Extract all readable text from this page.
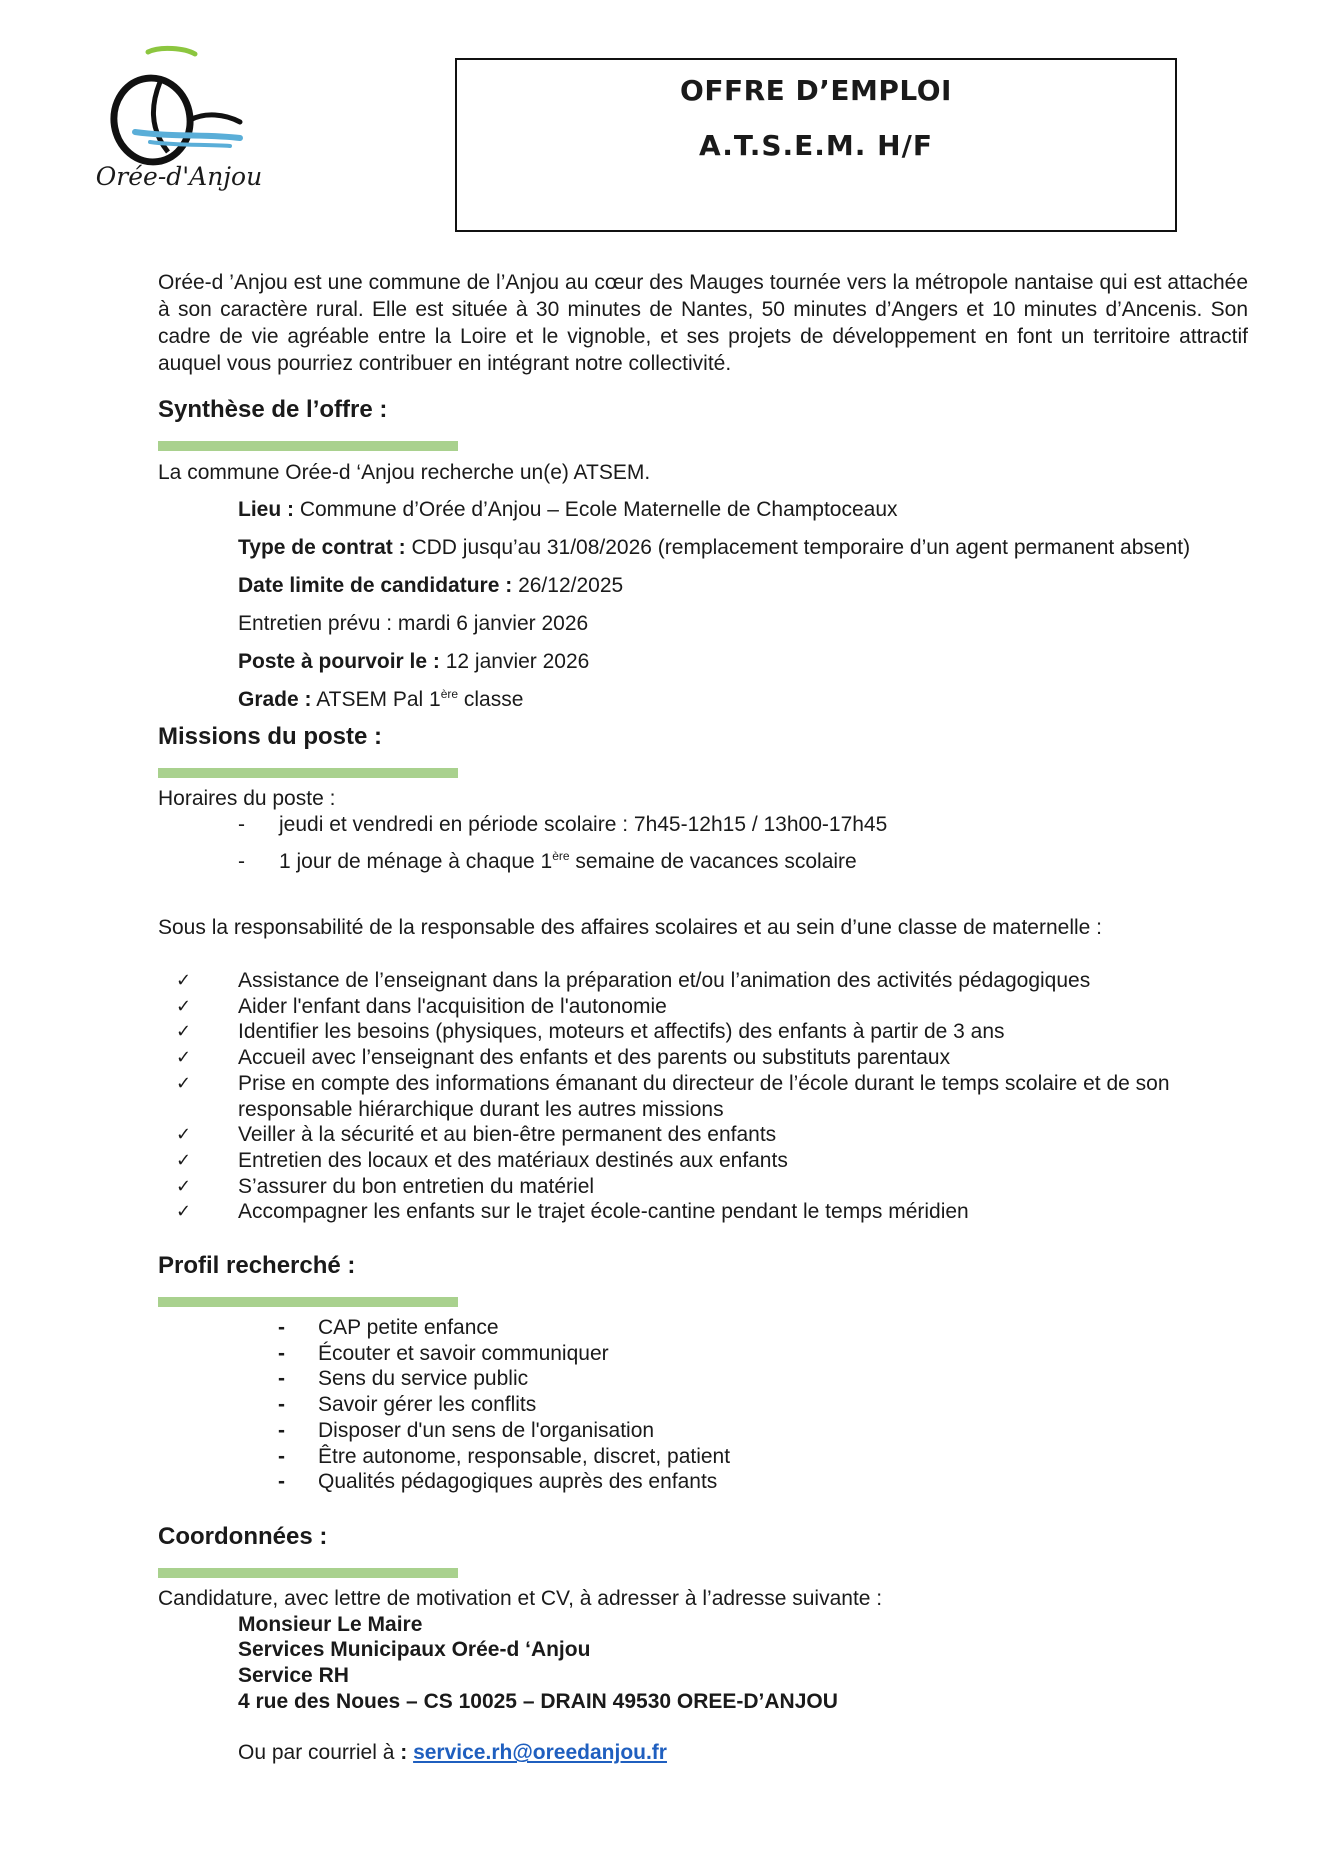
Orée-d'Anjou
OFFRE D’EMPLOI
A.T.S.E.M. H/F

Orée-d ’Anjou est une commune de l’Anjou au cœur des Mauges tournée vers la métropole nantaise qui est attachée à son caractère rural. Elle est située à 30 minutes de Nantes, 50 minutes d’Angers et 10 minutes d’Ancenis. Son cadre de vie agréable entre la Loire et le vignoble, et ses projets de développement en font un territoire attractif auquel vous pourriez contribuer en intégrant notre collectivité.

Synthèse de l’offre :

La commune Orée-d ‘Anjou recherche un(e) ATSEM.

Lieu : Commune d’Orée d’Anjou – Ecole Maternelle de Champtoceaux

Type de contrat : CDD jusqu’au 31/08/2026 (remplacement temporaire d’un agent permanent absent)

Date limite de candidature : 26/12/2025

Entretien prévu : mardi 6 janvier 2026

Poste à pourvoir le : 12 janvier 2026

Grade : ATSEM Pal 1ère classe

Missions du poste :

Horaires du poste :

- jeudi et vendredi en période scolaire : 7h45-12h15 / 13h00-17h45
- 1 jour de ménage à chaque 1ère semaine de vacances scolaire

Sous la responsabilité de la responsable des affaires scolaires et au sein d’une classe de maternelle :

✓ Assistance de l’enseignant dans la préparation et/ou l’animation des activités pédagogiques
✓ Aider l'enfant dans l'acquisition de l'autonomie
✓ Identifier les besoins (physiques, moteurs et affectifs) des enfants à partir de 3 ans
✓ Accueil avec l’enseignant des enfants et des parents ou substituts parentaux
✓ Prise en compte des informations émanant du directeur de l’école durant le temps scolaire et de son responsable hiérarchique durant les autres missions
✓ Veiller à la sécurité et au bien-être permanent des enfants
✓ Entretien des locaux et des matériaux destinés aux enfants
✓ S’assurer du bon entretien du matériel
✓ Accompagner les enfants sur le trajet école-cantine pendant le temps méridien

Profil recherché :

- CAP petite enfance
- Écouter et savoir communiquer
- Sens du service public
- Savoir gérer les conflits
- Disposer d'un sens de l'organisation
- Être autonome, responsable, discret, patient
- Qualités pédagogiques auprès des enfants

Coordonnées :

Candidature, avec lettre de motivation et CV, à adresser à l’adresse suivante :

Monsieur Le Maire
Services Municipaux Orée-d ‘Anjou
Service RH
4 rue des Noues – CS 10025 – DRAIN 49530 OREE-D’ANJOU

Ou par courriel à : service.rh@oreedanjou.fr
